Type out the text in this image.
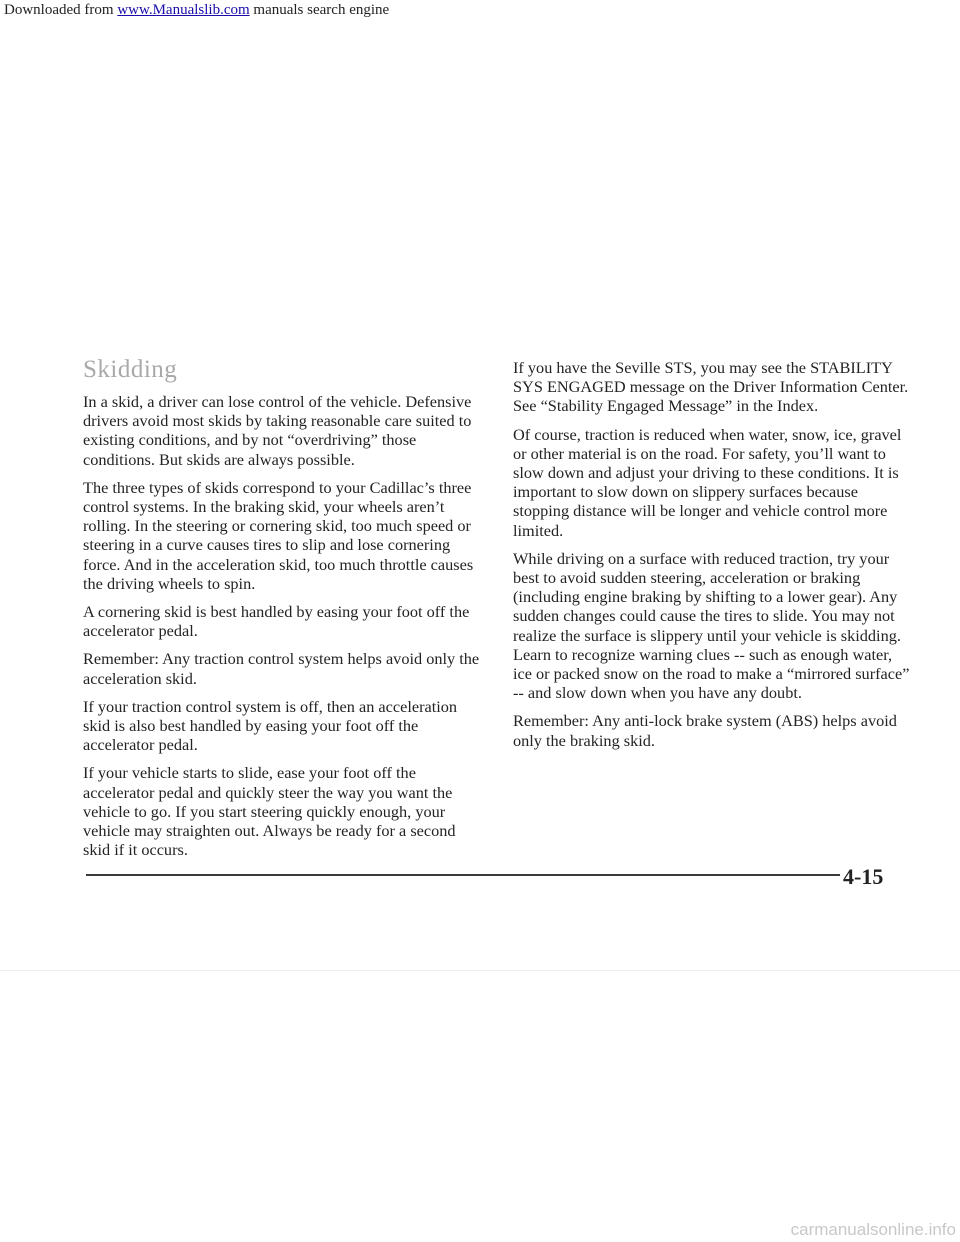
Downloaded from www.Manualslib.com manuals search engine
Skidding

In a skid, a driver can lose control of the vehicle. Defensive drivers avoid most skids by taking reasonable care suited to existing conditions, and by not “overdriving” those conditions. But skids are always possible.

The three types of skids correspond to your Cadillac’s three control systems. In the braking skid, your wheels aren’t rolling. In the steering or cornering skid, too much speed or steering in a curve causes tires to slip and lose cornering force. And in the acceleration skid, too much throttle causes the driving wheels to spin.

A cornering skid is best handled by easing your foot off the accelerator pedal.

Remember: Any traction control system helps avoid only the acceleration skid.

If your traction control system is off, then an acceleration skid is also best handled by easing your foot off the accelerator pedal.

If your vehicle starts to slide, ease your foot off the accelerator pedal and quickly steer the way you want the vehicle to go. If you start steering quickly enough, your vehicle may straighten out. Always be ready for a second skid if it occurs.

If you have the Seville STS, you may see the STABILITY SYS ENGAGED message on the Driver Information Center. See “Stability Engaged Message” in the Index.

Of course, traction is reduced when water, snow, ice, gravel or other material is on the road. For safety, you’ll want to slow down and adjust your driving to these conditions. It is important to slow down on slippery surfaces because stopping distance will be longer and vehicle control more limited.

While driving on a surface with reduced traction, try your best to avoid sudden steering, acceleration or braking (including engine braking by shifting to a lower gear). Any sudden changes could cause the tires to slide. You may not realize the surface is slippery until your vehicle is skidding. Learn to recognize warning clues -- such as enough water, ice or packed snow on the road to make a “mirrored surface” -- and slow down when you have any doubt.

Remember: Any anti-lock brake system (ABS) helps avoid only the braking skid.

4-15
carmanualsonline.info
